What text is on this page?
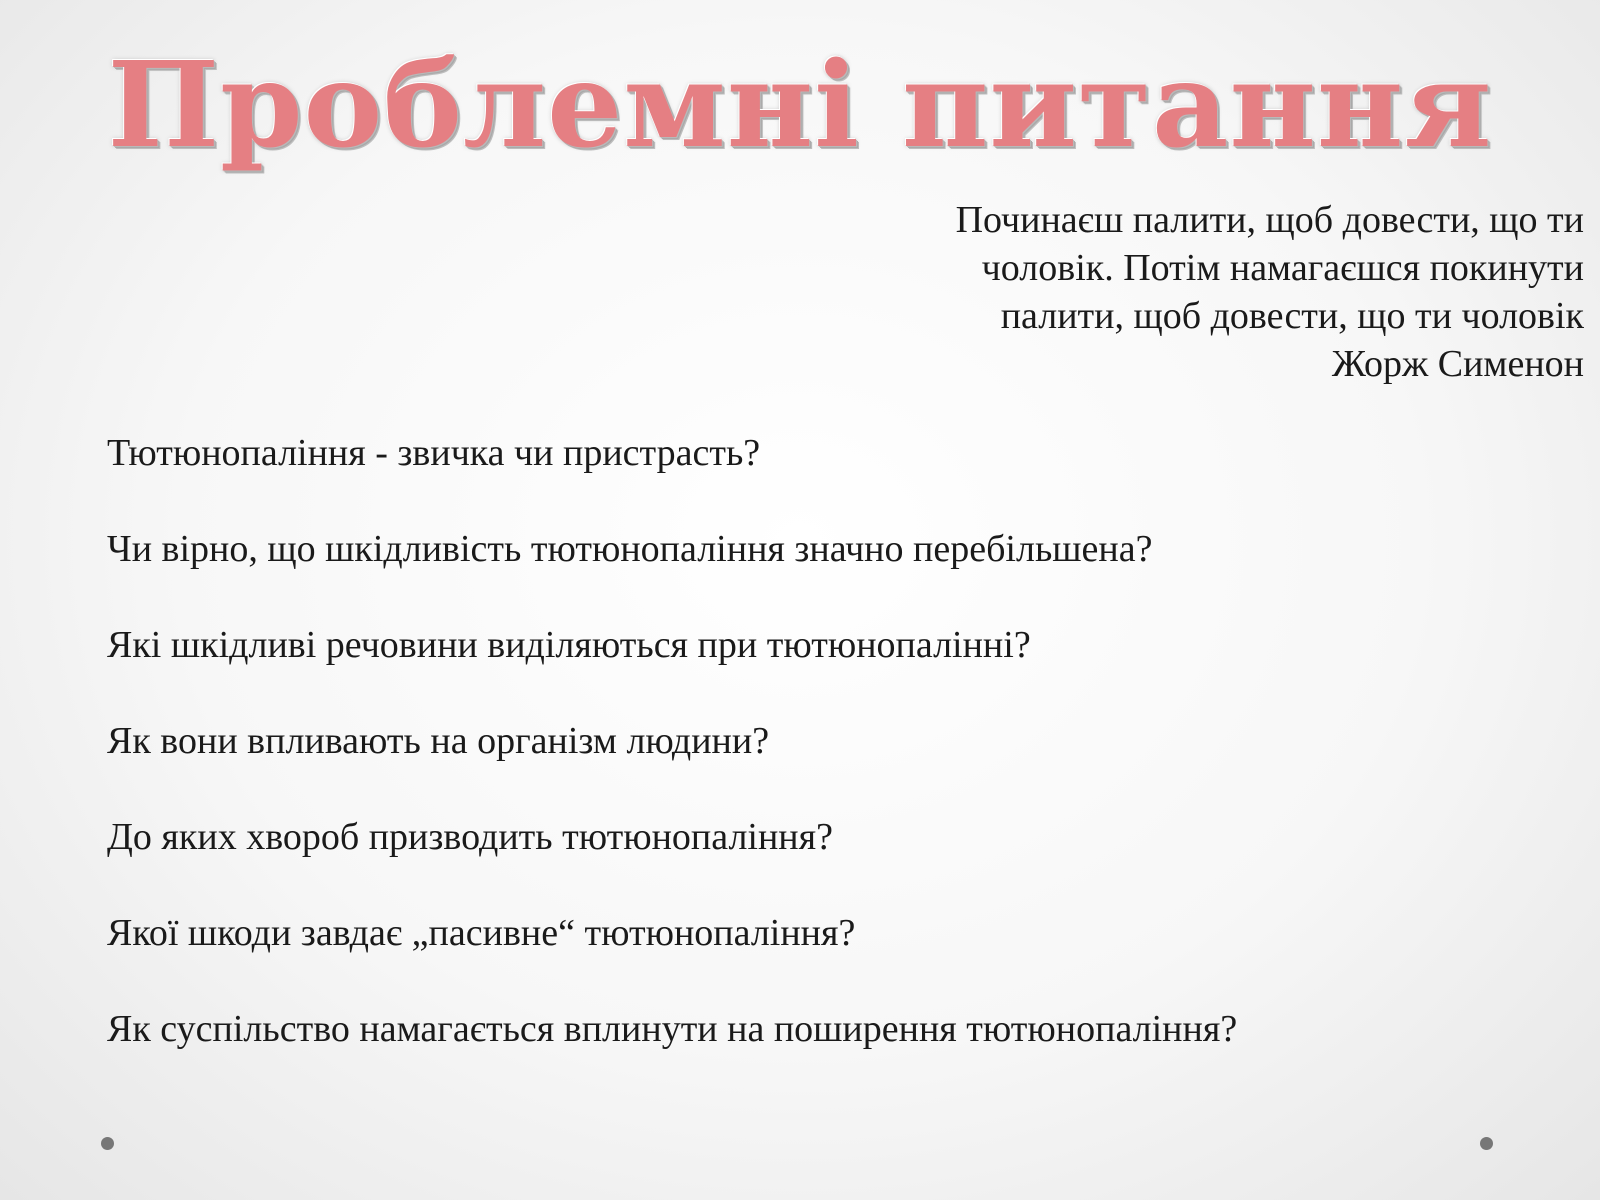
Проблемні питання
Починаєш палити, щоб довести, що ти
чоловік. Потім намагаєшся покинути
палити, щоб довести, що ти чоловік
Жорж Сименон
Тютюнопаління - звичка чи пристрасть?
Чи вірно, що шкідливість тютюнопаління значно перебільшена?
Які шкідливі речовини виділяються при тютюнопалінні?
Як вони впливають на організм людини?
До яких хвороб призводить тютюнопаління?
Якої шкоди завдає „пасивне“ тютюнопаління?
Як суспільство намагається вплинути на поширення тютюнопаління?
